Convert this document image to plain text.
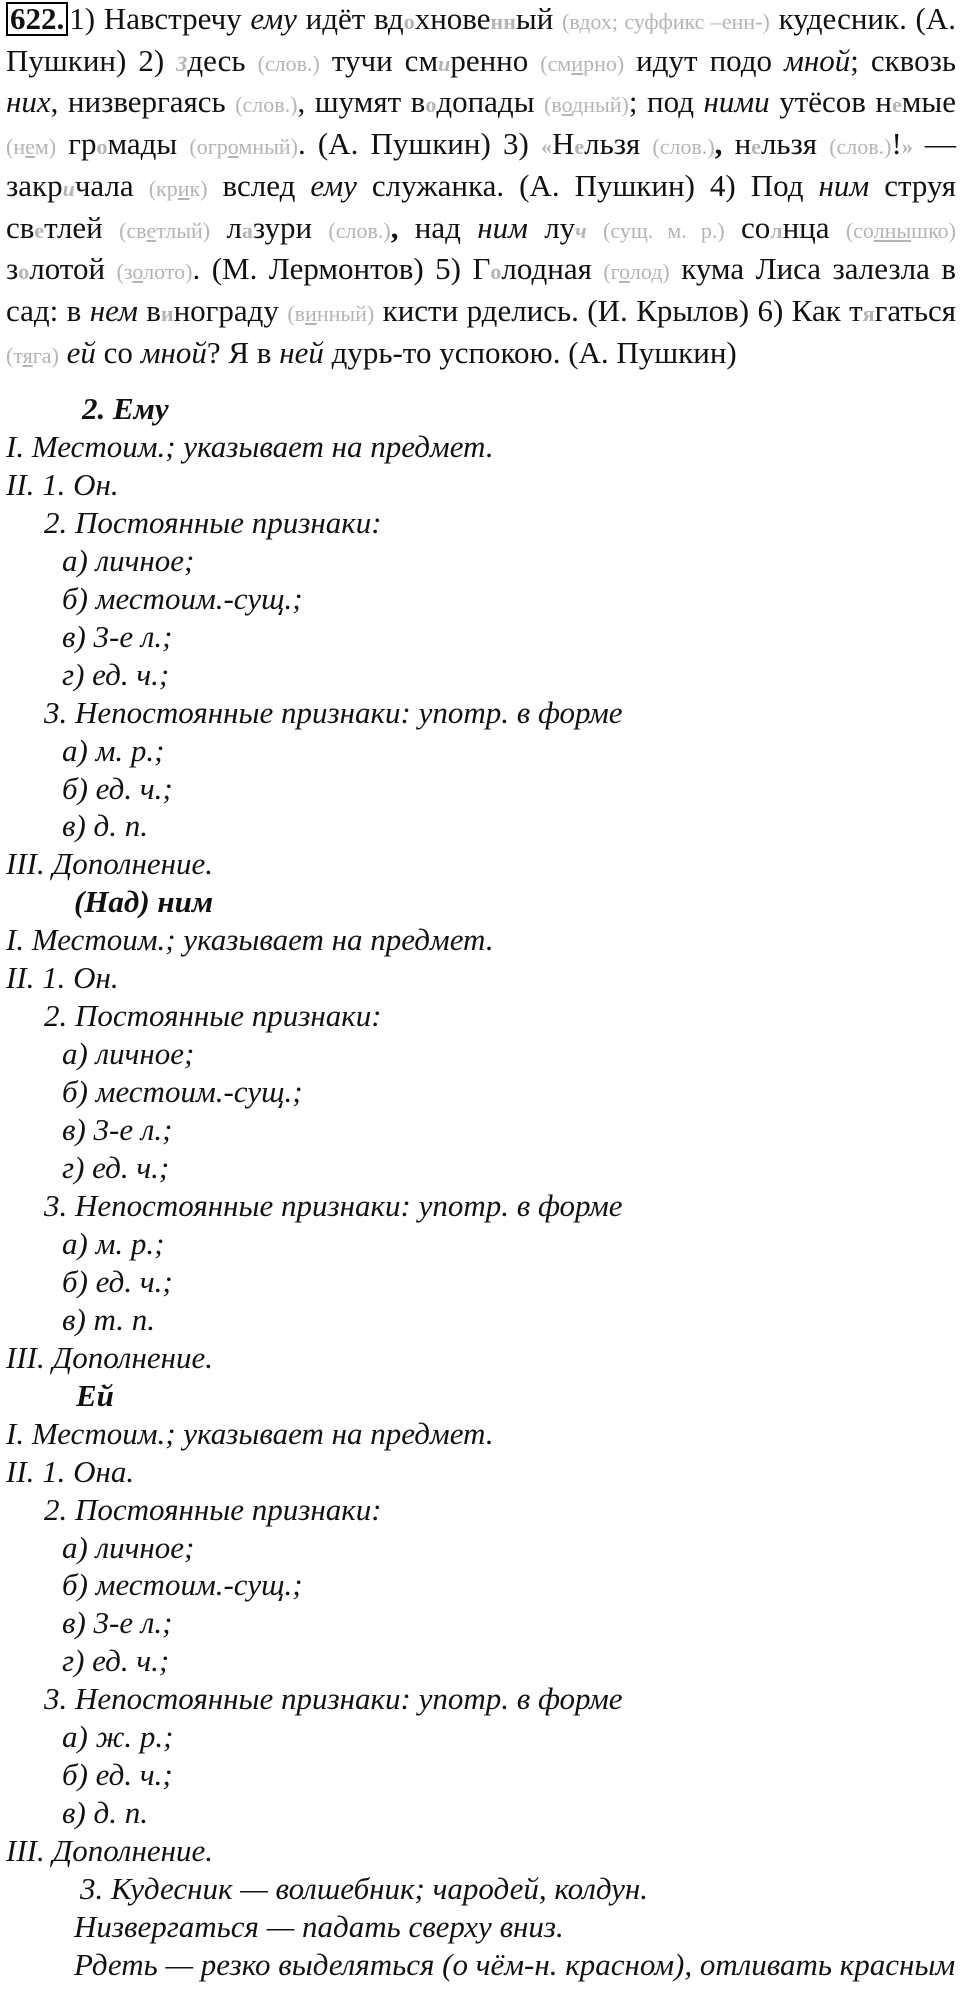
622. 1) Навстречу ему идёт вдохновенный (вдох; суффикс –енн-) кудесник. (А. Пушкин) 2) Здесь (слов.) тучи смиренно (смирно) идут подо мной; сквозь них, низвергаясь (слов.), шумят водопады (водный); под ними утёсов немые (нем) громады (огромный). (А. Пушкин) 3) «Нельзя (слов.), нельзя (слов.)!» — закричала (крик) вслед ему служанка. (А. Пушкин) 4) Под ним струя светлей (светлый) лазури (слов.), над ним луч (сущ. м. р.) солнца (солнышко) золотой (золото). (М. Лермонтов) 5) Голодная (голод) кума Лиса залезла в сад: в нем винограду (винный) кисти рделись. (И. Крылов) 6) Как тягаться (тяга) ей со мной? Я в ней дурь-то успокою. (А. Пушкин)
2. Ему
I. Местоим.; указывает на предмет.
II. 1. Он.
2. Постоянные признаки:
а) личное;
б) местоим.-сущ.;
в) 3-е л.;
г) ед. ч.;
3. Непостоянные признаки: употр. в форме
а) м. р.;
б) ед. ч.;
в) д. п.
III. Дополнение.
(Над) ним
I. Местоим.; указывает на предмет.
II. 1. Он.
2. Постоянные признаки:
а) личное;
б) местоим.-сущ.;
в) 3-е л.;
г) ед. ч.;
3. Непостоянные признаки: употр. в форме
а) м. р.;
б) ед. ч.;
в) т. п.
III. Дополнение.
Ей
I. Местоим.; указывает на предмет.
II. 1. Она.
2. Постоянные признаки:
а) личное;
б) местоим.-сущ.;
в) 3-е л.;
г) ед. ч.;
3. Непостоянные признаки: употр. в форме
а) ж. р.;
б) ед. ч.;
в) д. п.
III. Дополнение.
3. Кудесник — волшебник; чародей, колдун.
Низвергаться — падать сверху вниз.
Рдеть — резко выделяться (о чём-н. красном), отливать красным
